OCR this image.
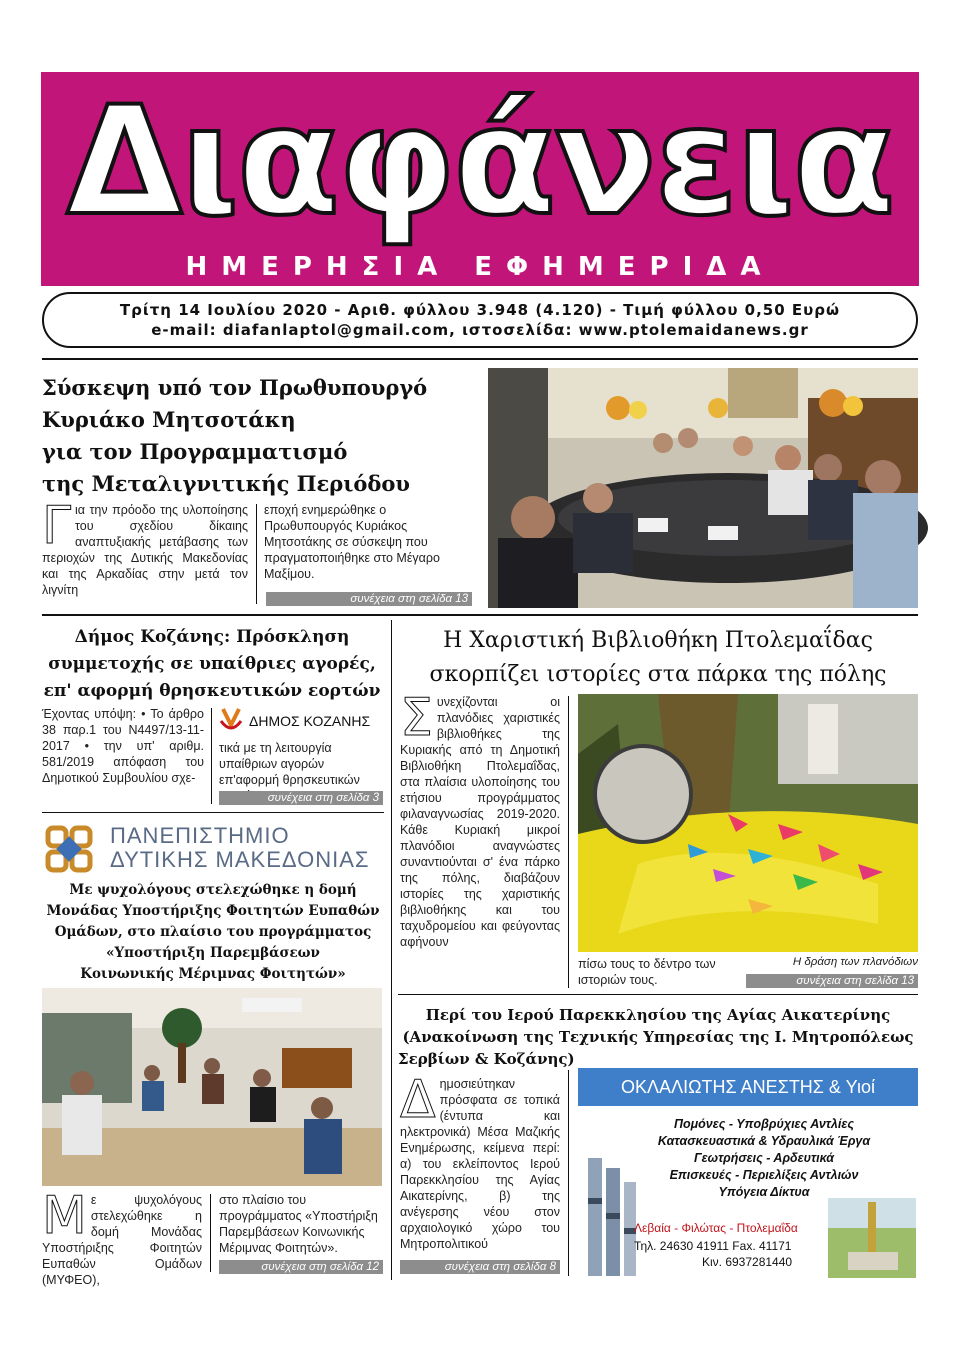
Διαφάνεια
ΗΜΕΡΗΣΙΑ ΕΦΗΜΕΡΙΔΑ
Τρίτη 14 Ιουλίου 2020 - Αριθ. φύλλου 3.948 (4.120) - Τιμή φύλλου 0,50 Ευρώ
e-mail: diafanlaptol@gmail.com, ιστοσελίδα: www.ptolemaidanews.gr
Σύσκεψη υπό τον Πρωθυπουργό
Κυριάκο Μητσοτάκη
για τον Προγραμματισμό
της Μεταλιγνιτικής Περιόδου
Για την πρόοδο της υλοποίησης του σχεδίου δίκαιης αναπτυξιακής μετάβασης των περιοχών της Δυτικής Μακεδονίας και της Αρκαδίας στην μετά τον λιγνίτη
εποχή ενημερώθηκε ο Πρωθυπουργός Κυριάκος Μητσοτάκης σε σύσκεψη που πραγματοποιήθηκε στο Μέγαρο Μαξίμου.
συνέχεια στη σελίδα 13
Δήμος Κοζάνης: Πρόσκληση
συμμετοχής σε υπαίθριες αγορές,
επ' αφορμή θρησκευτικών εορτών
Έχοντας υπόψη: • Το άρθρο 38 παρ.1 του Ν4497/13-11-2017 • την υπ' αριθμ. 581/2019 απόφαση του Δημοτικού Συμβουλίου σχε-
ΔΗΜΟΣ ΚΟΖΑΝΗΣ
τικά με τη λειτουργία υπαίθριων αγορών επ'αφορμή θρησκευτικών
συνέχεια στη σελίδα 3
ΠΑΝΕΠΙΣΤΗΜΙΟ
ΔΥΤΙΚΗΣ ΜΑΚΕΔΟΝΙΑΣ
Με ψυχολόγους στελεχώθηκε η δομή
Μονάδας Υποστήριξης Φοιτητών Ευπαθών
Ομάδων, στο πλαίσιο του προγράμματος
«Υποστήριξη Παρεμβάσεων
Κοινωνικής Μέριμνας Φοιτητών»
Με ψυχολόγους στελεχώθηκε η δομή Μονάδας Υποστήριξης Φοιτητών Ευπαθών Ομάδων (ΜΥΦΕΟ),
στο πλαίσιο του προγράμματος «Υποστήριξη Παρεμβάσεων Κοινωνικής Μέριμνας Φοιτητών».
συνέχεια στη σελίδα 12
Η Χαριστική Βιβλιοθήκη Πτολεμαΐδας
σκορπίζει ιστορίες στα πάρκα της πόλης
Συνεχίζονται οι πλανόδιες χαριστικές βιβλιοθήκες της Κυριακής από τη Δημοτική Βιβλιοθήκη Πτολεμαΐδας, στα πλαίσια υλοποίησης του ετήσιου προγράμματος φιλαναγνωσίας 2019-2020. Κάθε Κυριακή μικροί πλανόδιοι αναγνώστες συναντιούνται σ' ένα πάρκο της πόλης, διαβάζουν ιστορίες της χαριστικής βιβλιοθήκης και του ταχυδρομείου και φεύγοντας αφήνουν
πίσω τους το δέντρο των ιστοριών τους.
Η δράση των πλανόδιων
συνέχεια στη σελίδα 13
Περί του Ιερού Παρεκκλησίου της Αγίας Αικατερίνης
(Ανακοίνωση της Τεχνικής Υπηρεσίας της Ι. Μητροπόλεως
Σερβίων & Κοζάνης)
Δημοσιεύτηκαν πρόσφατα σε τοπικά (έντυπα και ηλεκτρονικά) Μέσα Μαζικής Ενημέρωσης, κείμενα περί: α) του εκλείποντος Ιερού Παρεκκλησίου της Αγίας Αικατερίνης, β) της ανέγερσης νέου στον αρχαιολογικό χώρο του Μητροπολιτικού
συνέχεια στη σελίδα 8
ΟΚΛΑΛΙΩΤΗΣ ΑΝΕΣΤΗΣ & Υιοί
Πομόνες - Υποβρύχιες Αντλίες
Κατασκευαστικά & Υδραυλικά Έργα
Γεωτρήσεις - Αρδευτικά
Επισκευές - Περιελίξεις Αντλιών
Υπόγεια Δίκτυα
Λεβαία - Φιλώτας - Πτολεμαΐδα
Τηλ. 24630 41911 Fax. 41171
Κιν. 6937281440
